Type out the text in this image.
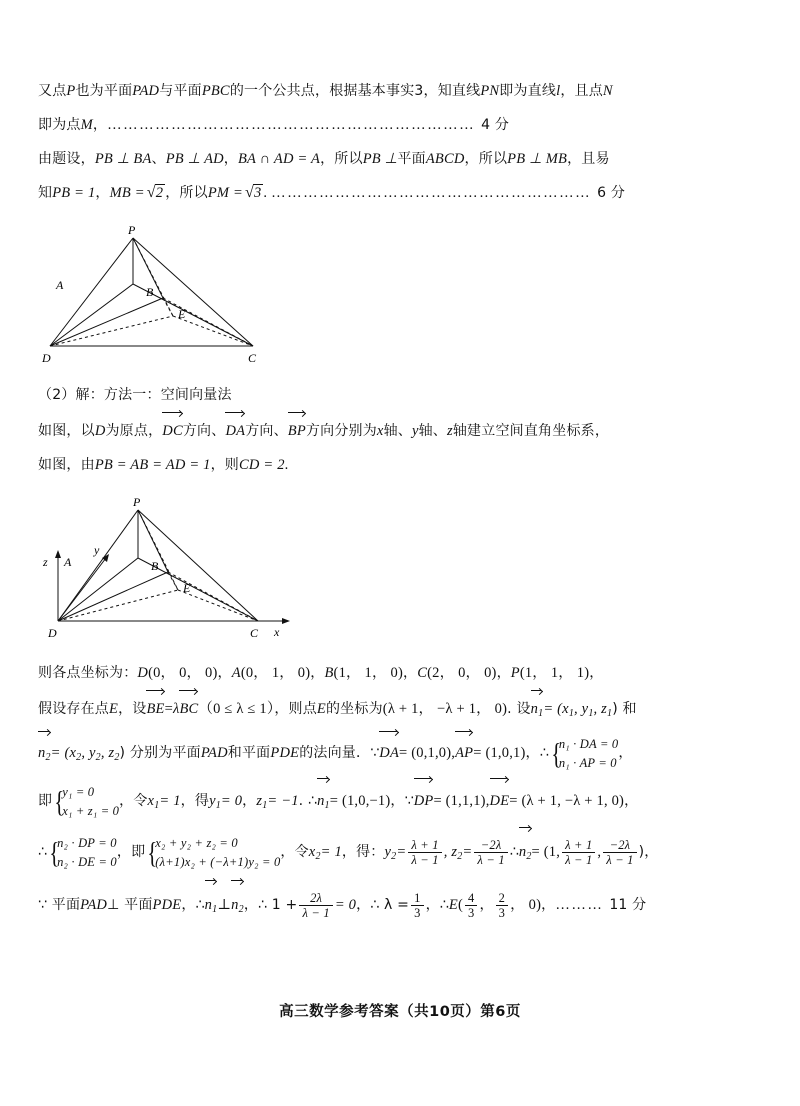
又点P也为平面PAD与平面PBC的一个公共点，根据基本事实3，知直线PN即为直线l，且点N
即为点M，…………………………………………………………… 4 分
由题设，PB ⊥ BA、PB ⊥ AD，BA ∩ AD = A，所以PB ⊥平面ABCD，所以PB ⊥ MB，且易
知PB = 1，MB = √2 ，所以PM = √3 . …………………………………………………… 6 分
P
B
E
A
D	C
（2）解：方法一：空间向量法
如图，以D为原点，DC方向、DA方向、BP方向分别为x轴、y轴、z轴建立空间直角坐标系，
如图，由PB = AB = AD = 1，则CD = 2.
P
B
E
A
D	C x
y
z
则各点坐标为：D(0， 0， 0)，A(0， 1， 0)，B(1， 1， 0)，C(2， 0， 0)，P(1， 1， 1)，
假设存在点E，设BE=λBC（0 ≤ λ ≤ 1），则点E的坐标为(λ + 1， −λ + 1， 0). 设$n_1= (x_1$, $y_1$, $z_1$) 和
$n_2= (x_2$, $y_2$, $z_2$) 分别为平面PAD和平面PDE的法向量．∵DA= (0,1,0),AP= (1,0,1)，∴
{ n₁ · DA = 0
n₁ · AP = 0
，
即
{ y₁ = 0
x₁ + z₁ = 0
，令$x_1= 1$，得$y_1= 0$，$z_1= -1$. $\therefore n_1= (1,0,-1)$，∵DP= (1,1,1),DE= (λ + 1, −λ + 1, 0)，
∴
{ n₂ · DP = 0
n₂ · DE = 0
，即
{ x₂ + y₂ + z₂ = 0
(λ+1)x₂ + (−λ+1)y₂ = 0
，令$x_2= 1$，得：$y_2= \frac{\lambda + 1}{\lambda - 1}$ , $z_2= \frac{-2\lambda}{\lambda - 1}$ $\therefore n_2= (1$, $\frac{\lambda + 1}{\lambda - 1}$ , $\frac{-2\lambda}{\lambda - 1}$ )，
∵ 平面PAD⊥ 平面PDE，$\therefore n_1\perp n_2$，∴ $1 + \frac{2\lambda}{\lambda - 1} = 0$，∴ $\lambda = \frac{1}{3}$ ，∴E( $\frac{4}{3}$ ， $\frac{2}{3}$ ， 0)，……… 11 分
高三数学参考答案（共10页）第6页
